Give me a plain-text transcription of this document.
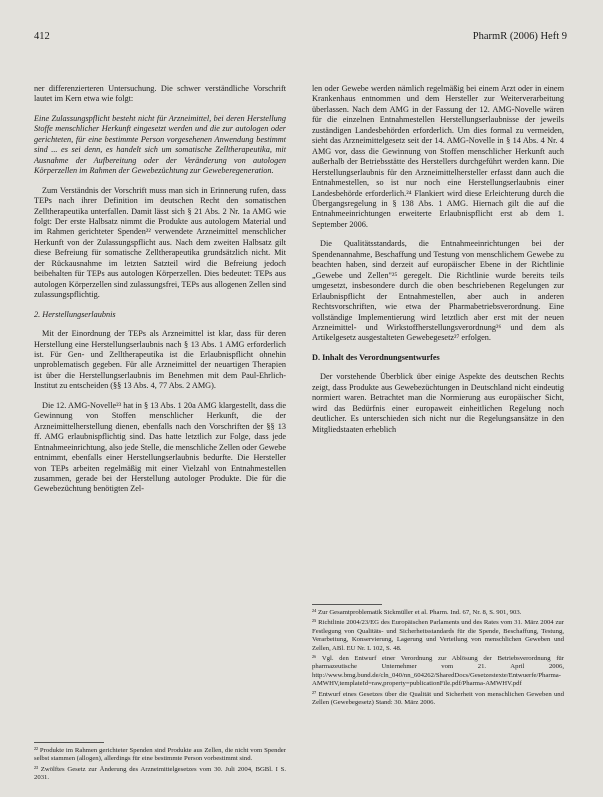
412	PharmR (2006) Heft 9

ner differenzierteren Untersuchung. Die schwer verständliche Vorschrift lautet im Kern etwa wie folgt:

Eine Zulassungspflicht besteht nicht für Arzneimittel, bei deren Herstellung Stoffe menschlicher Herkunft eingesetzt werden und die zur autologen oder gerichteten, für eine bestimmte Person vorgesehenen Anwendung bestimmt sind ... es sei denn, es handelt sich um somatische Zelltherapeutika, mit Ausnahme der Aufbereitung oder der Veränderung von autologen Körperzellen im Rahmen der Gewebezüchtung zur Geweberegeneration.

Zum Verständnis der Vorschrift muss man sich in Erinnerung rufen, dass TEPs nach ihrer Definition im deutschen Recht den somatischen Zelltherapeutika unterfallen. Damit lässt sich § 21 Abs. 2 Nr. 1a AMG wie folgt: Der erste Halbsatz nimmt die Produkte aus autologem Material und im Rahmen gerichteter Spenden²² verwendete Arzneimittel menschlicher Herkunft von der Zulassungspflicht aus. Nach dem zweiten Halbsatz gilt diese Befreiung für somatische Zelltherapeutika grundsätzlich nicht. Mit der Rückausnahme im letzten Satzteil wird die Befreiung jedoch beibehalten für TEPs aus autologen Körperzellen. Dies bedeutet: TEPs aus autologen Körperzellen sind zulassungsfrei, TEPs aus allogenen Zellen sind zulassungspflichtig.

2. Herstellungserlaubnis

Mit der Einordnung der TEPs als Arzneimittel ist klar, dass für deren Herstellung eine Herstellungserlaubnis nach § 13 Abs. 1 AMG erforderlich ist. Für Gen- und Zelltherapeutika ist die Erlaubnispflicht ohnehin unproblematisch gegeben. Für alle Arzneimittel der neuartigen Therapien ist über die Herstellungserlaubnis im Benehmen mit dem Paul-Ehrlich-Institut zu entscheiden (§§ 13 Abs. 4, 77 Abs. 2 AMG).

Die 12. AMG-Novelle²³ hat in § 13 Abs. 1 20a AMG klargestellt, dass die Gewinnung von Stoffen menschlicher Herkunft, die der Arzneimittelherstellung dienen, ebenfalls nach den Vorschriften der §§ 13 ff. AMG erlaubnispflichtig sind. Das hatte letztlich zur Folge, dass jede Entnahmeeinrichtung, also jede Stelle, die menschliche Zellen oder Gewebe entnimmt, ebenfalls einer Herstellungserlaubnis bedurfte. Die Hersteller von TEPs arbeiten regelmäßig mit einer Vielzahl von Entnahmestellen zusammen, gerade bei der Herstellung autologer Produkte. Die für die Gewebezüchtung benötigten Zel-

²² Produkte im Rahmen gerichteter Spenden sind Produkte aus Zellen, die nicht vom Spender selbst stammen (allogen), allerdings für eine bestimmte Person vorbestimmt sind.

²³ Zwölftes Gesetz zur Änderung des Arzneimittelgesetzes vom 30. Juli 2004, BGBl. I S. 2031.

len oder Gewebe werden nämlich regelmäßig bei einem Arzt oder in einem Krankenhaus entnommen und dem Hersteller zur Weiterverarbeitung überlassen. Nach dem AMG in der Fassung der 12. AMG-Novelle wären für die einzelnen Entnahmestellen Herstellungserlaubnisse der jeweils zuständigen Landesbehörden erforderlich. Um dies formal zu vermeiden, sieht das Arzneimittelgesetz seit der 14. AMG-Novelle in § 14 Abs. 4 Nr. 4 AMG vor, dass die Gewinnung von Stoffen menschlicher Herkunft auch außerhalb der Betriebsstätte des Herstellers durchgeführt werden kann. Die Herstellungserlaubnis für den Arzneimittelhersteller erfasst dann auch die Entnahmestellen, so ist nur noch eine Herstellungserlaubnis einer Landesbehörde erforderlich.²⁴ Flankiert wird diese Erleichterung durch die Übergangsregelung in § 138 Abs. 1 AMG. Hiernach gilt die auf die Entnahmeeinrichtungen erweiterte Erlaubnispflicht erst ab dem 1. September 2006.

Die Qualitätsstandards, die Entnahmeeinrichtungen bei der Spendenannahme, Beschaffung und Testung von menschlichem Gewebe zu beachten haben, sind derzeit auf europäischer Ebene in der Richtlinie „Gewebe und Zellen"²⁵ geregelt. Die Richtlinie wurde bereits teils umgesetzt, insbesondere durch die oben beschriebenen Regelungen zur Erlaubnispflicht der Entnahmestellen, aber auch in anderen Rechtsvorschriften, wie etwa der Pharmabetriebsverordnung. Eine vollständige Implementierung wird letztlich aber erst mit der neuen Arzneimittel- und Wirkstoffherstellungsverordnung²⁶ und dem als Artikelgesetz ausgestalteten Gewebegesetz²⁷ erfolgen.

D. Inhalt des Verordnungsentwurfes

Der vorstehende Überblick über einige Aspekte des deutschen Rechts zeigt, dass Produkte aus Gewebezüchtungen in Deutschland nicht eindeutig normiert waren. Betrachtet man die Normierung aus europäischer Sicht, wird das Bedürfnis einer europaweit einheitlichen Regelung noch deutlicher. Es unterschieden sich nicht nur die Regelungsansätze in den Mitgliedstaaten erheblich

²⁴ Zur Gesamtproblematik Sickmüller et al. Pharm. Ind. 67, Nr. 8, S. 901, 903.

²⁵ Richtlinie 2004/23/EG des Europäischen Parlaments und des Rates vom 31. März 2004 zur Festlegung von Qualitäts- und Sicherheitsstandards für die Spende, Beschaffung, Testung, Verarbeitung, Konservierung, Lagerung und Verteilung von menschlichen Geweben und Zellen, ABl. EU Nr. L 102, S. 48.

²⁶ Vgl. den Entwurf einer Verordnung zur Ablösung der Betriebsverordnung für pharmazeutische Unternehmer vom 21. April 2006, http://www.bmg.bund.de/cln_040/nn_604262/SharedDocs/Gesetzestexte/Entwuerfe/Pharma-AMWHV,templateId=raw,property=publicationFile.pdf/Pharma-AMWHV.pdf

²⁷ Entwurf eines Gesetzes über die Qualität und Sicherheit von menschlichen Geweben und Zellen (Gewebegesetz) Stand: 30. März 2006.
